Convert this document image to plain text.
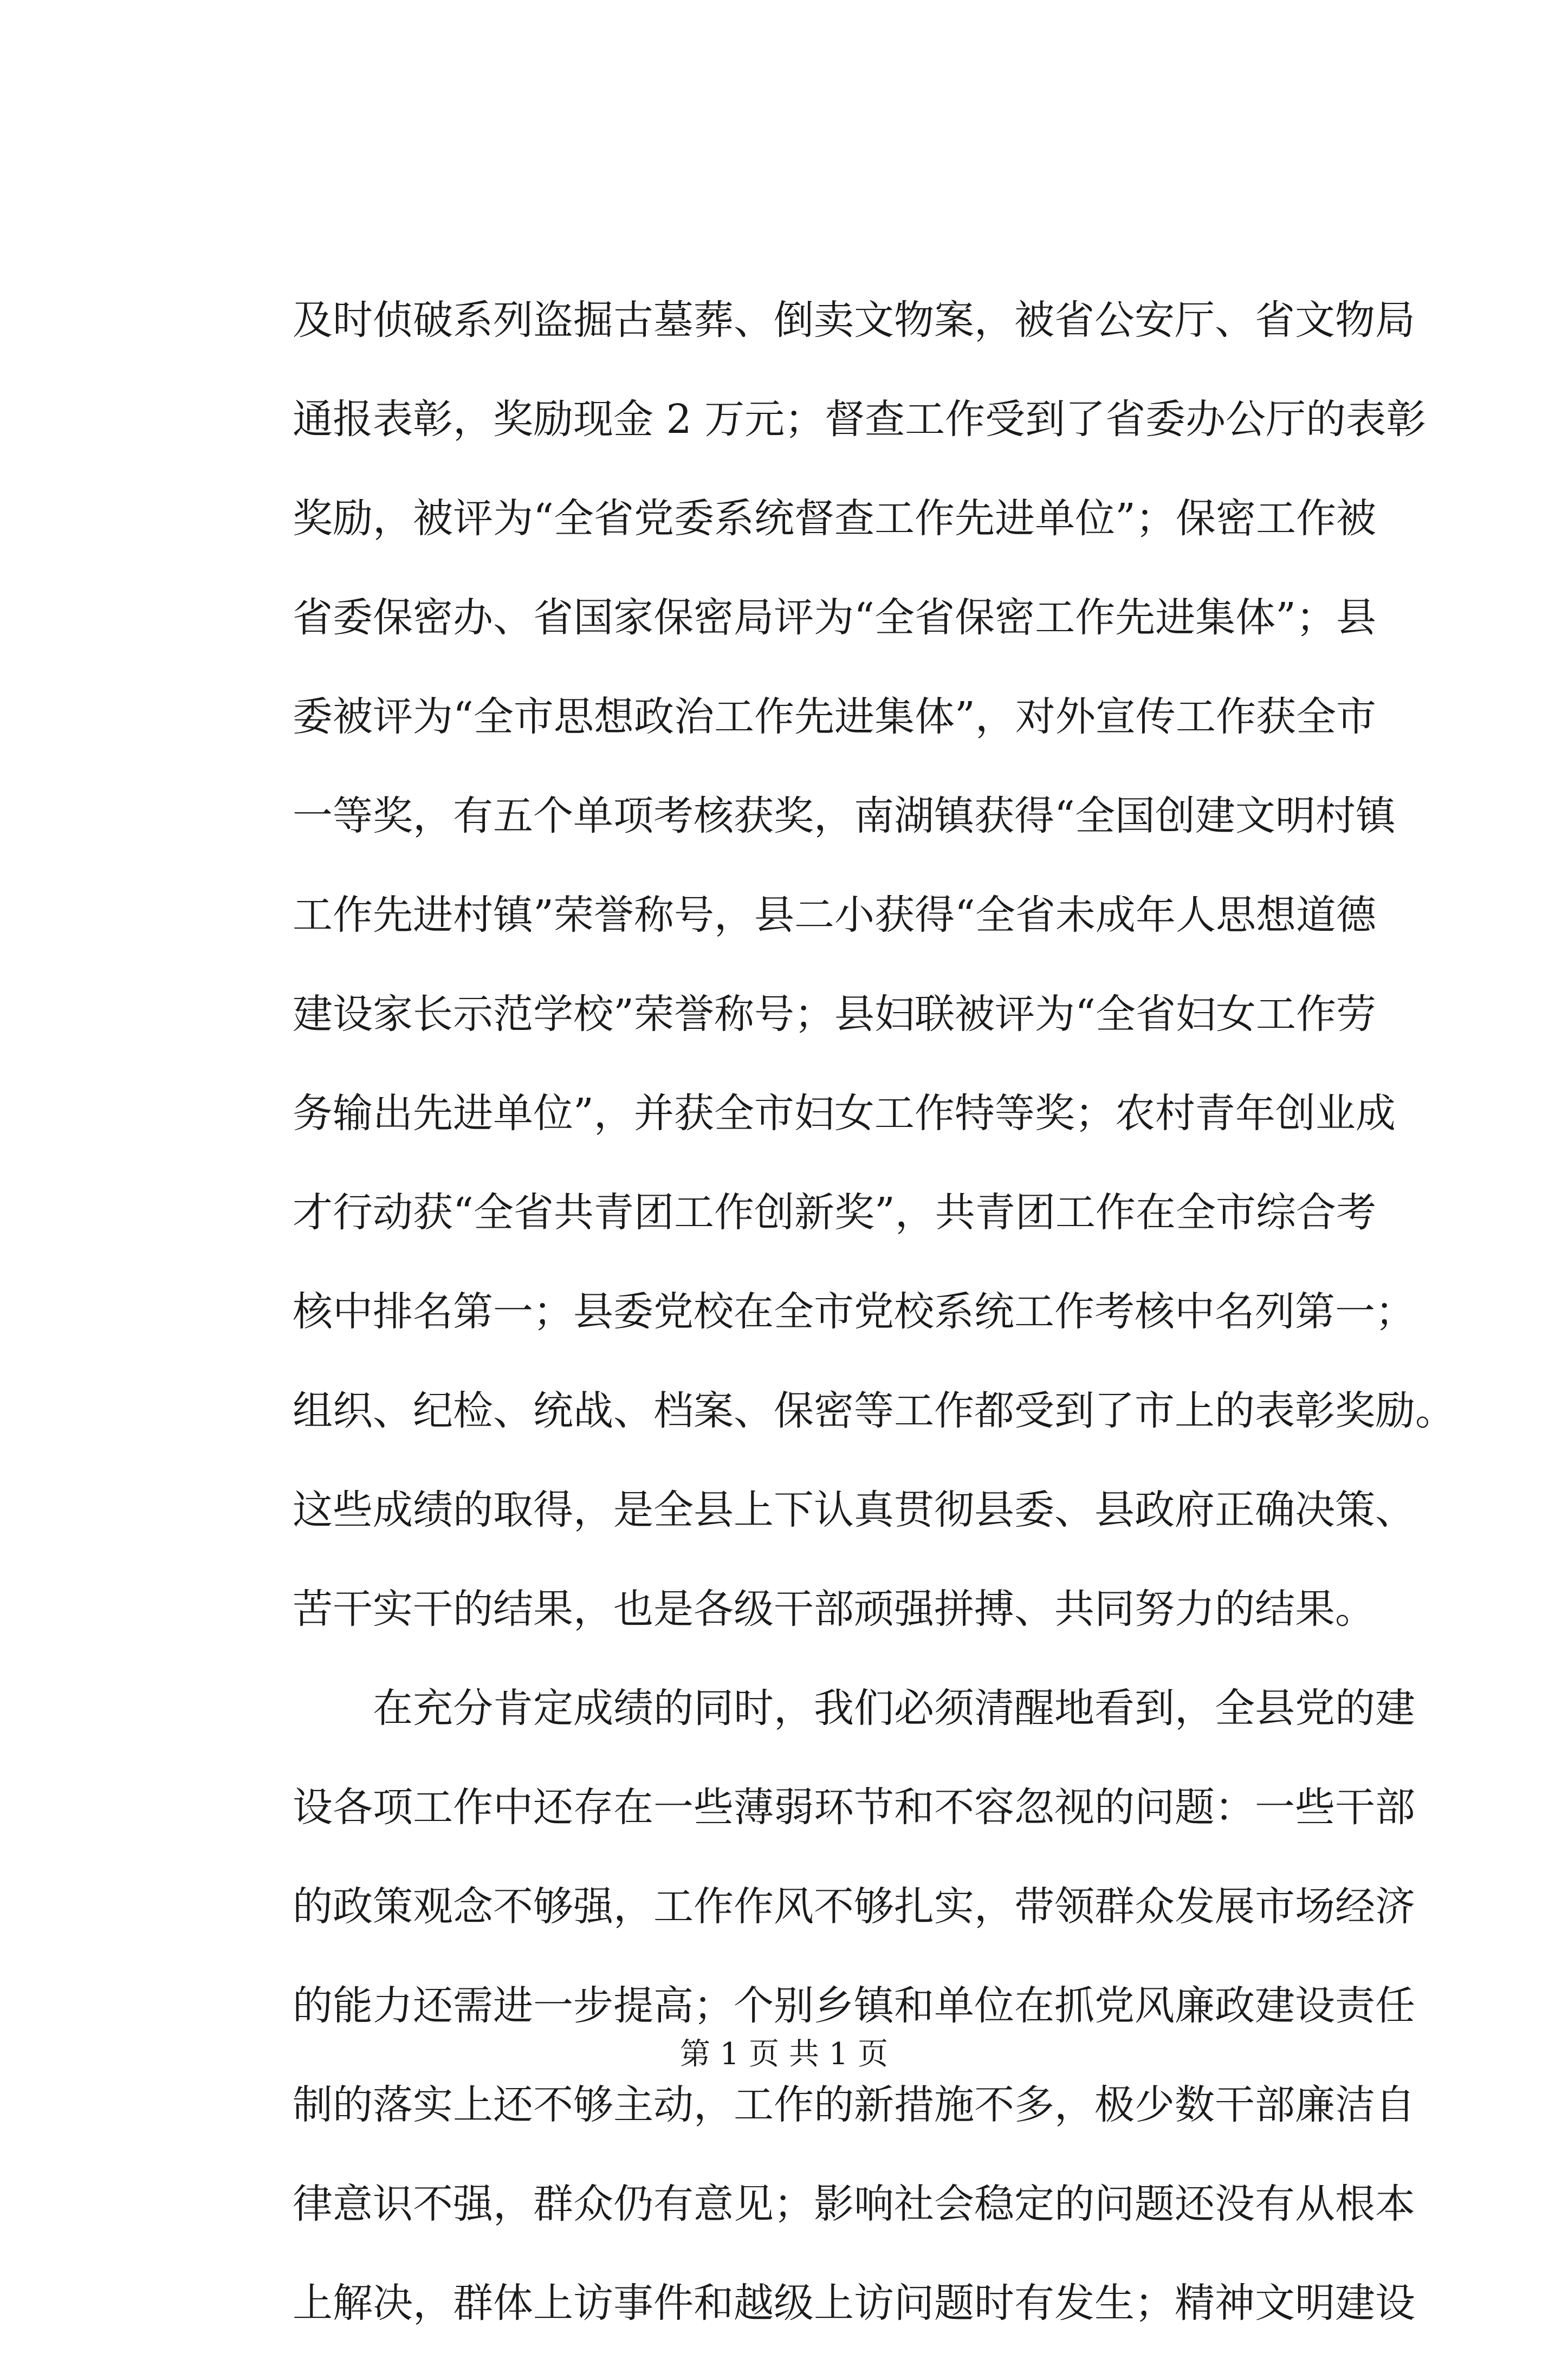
及时侦破系列盗掘古墓葬、倒卖文物案，被省公安厅、省文物局
通报表彰，奖励现金 2 万元；督查工作受到了省委办公厅的表彰
奖励，被评为“全省党委系统督查工作先进单位”；保密工作被
省委保密办、省国家保密局评为“全省保密工作先进集体”；县
委被评为“全市思想政治工作先进集体”，对外宣传工作获全市
一等奖，有五个单项考核获奖，南湖镇获得“全国创建文明村镇
工作先进村镇”荣誉称号，县二小获得“全省未成年人思想道德
建设家长示范学校”荣誉称号；县妇联被评为“全省妇女工作劳
务输出先进单位”，并获全市妇女工作特等奖；农村青年创业成
才行动获“全省共青团工作创新奖”，共青团工作在全市综合考
核中排名第一；县委党校在全市党校系统工作考核中名列第一；
组织、纪检、统战、档案、保密等工作都受到了市上的表彰奖励。
这些成绩的取得，是全县上下认真贯彻县委、县政府正确决策、
苦干实干的结果，也是各级干部顽强拼搏、共同努力的结果。
在充分肯定成绩的同时，我们必须清醒地看到，全县党的建
设各项工作中还存在一些薄弱环节和不容忽视的问题：一些干部
的政策观念不够强，工作作风不够扎实，带领群众发展市场经济
的能力还需进一步提高；个别乡镇和单位在抓党风廉政建设责任
制的落实上还不够主动，工作的新措施不多，极少数干部廉洁自
律意识不强，群众仍有意见；影响社会稳定的问题还没有从根本
上解决，群体上访事件和越级上访问题时有发生；精神文明建设
第 1 页 共 1 页
